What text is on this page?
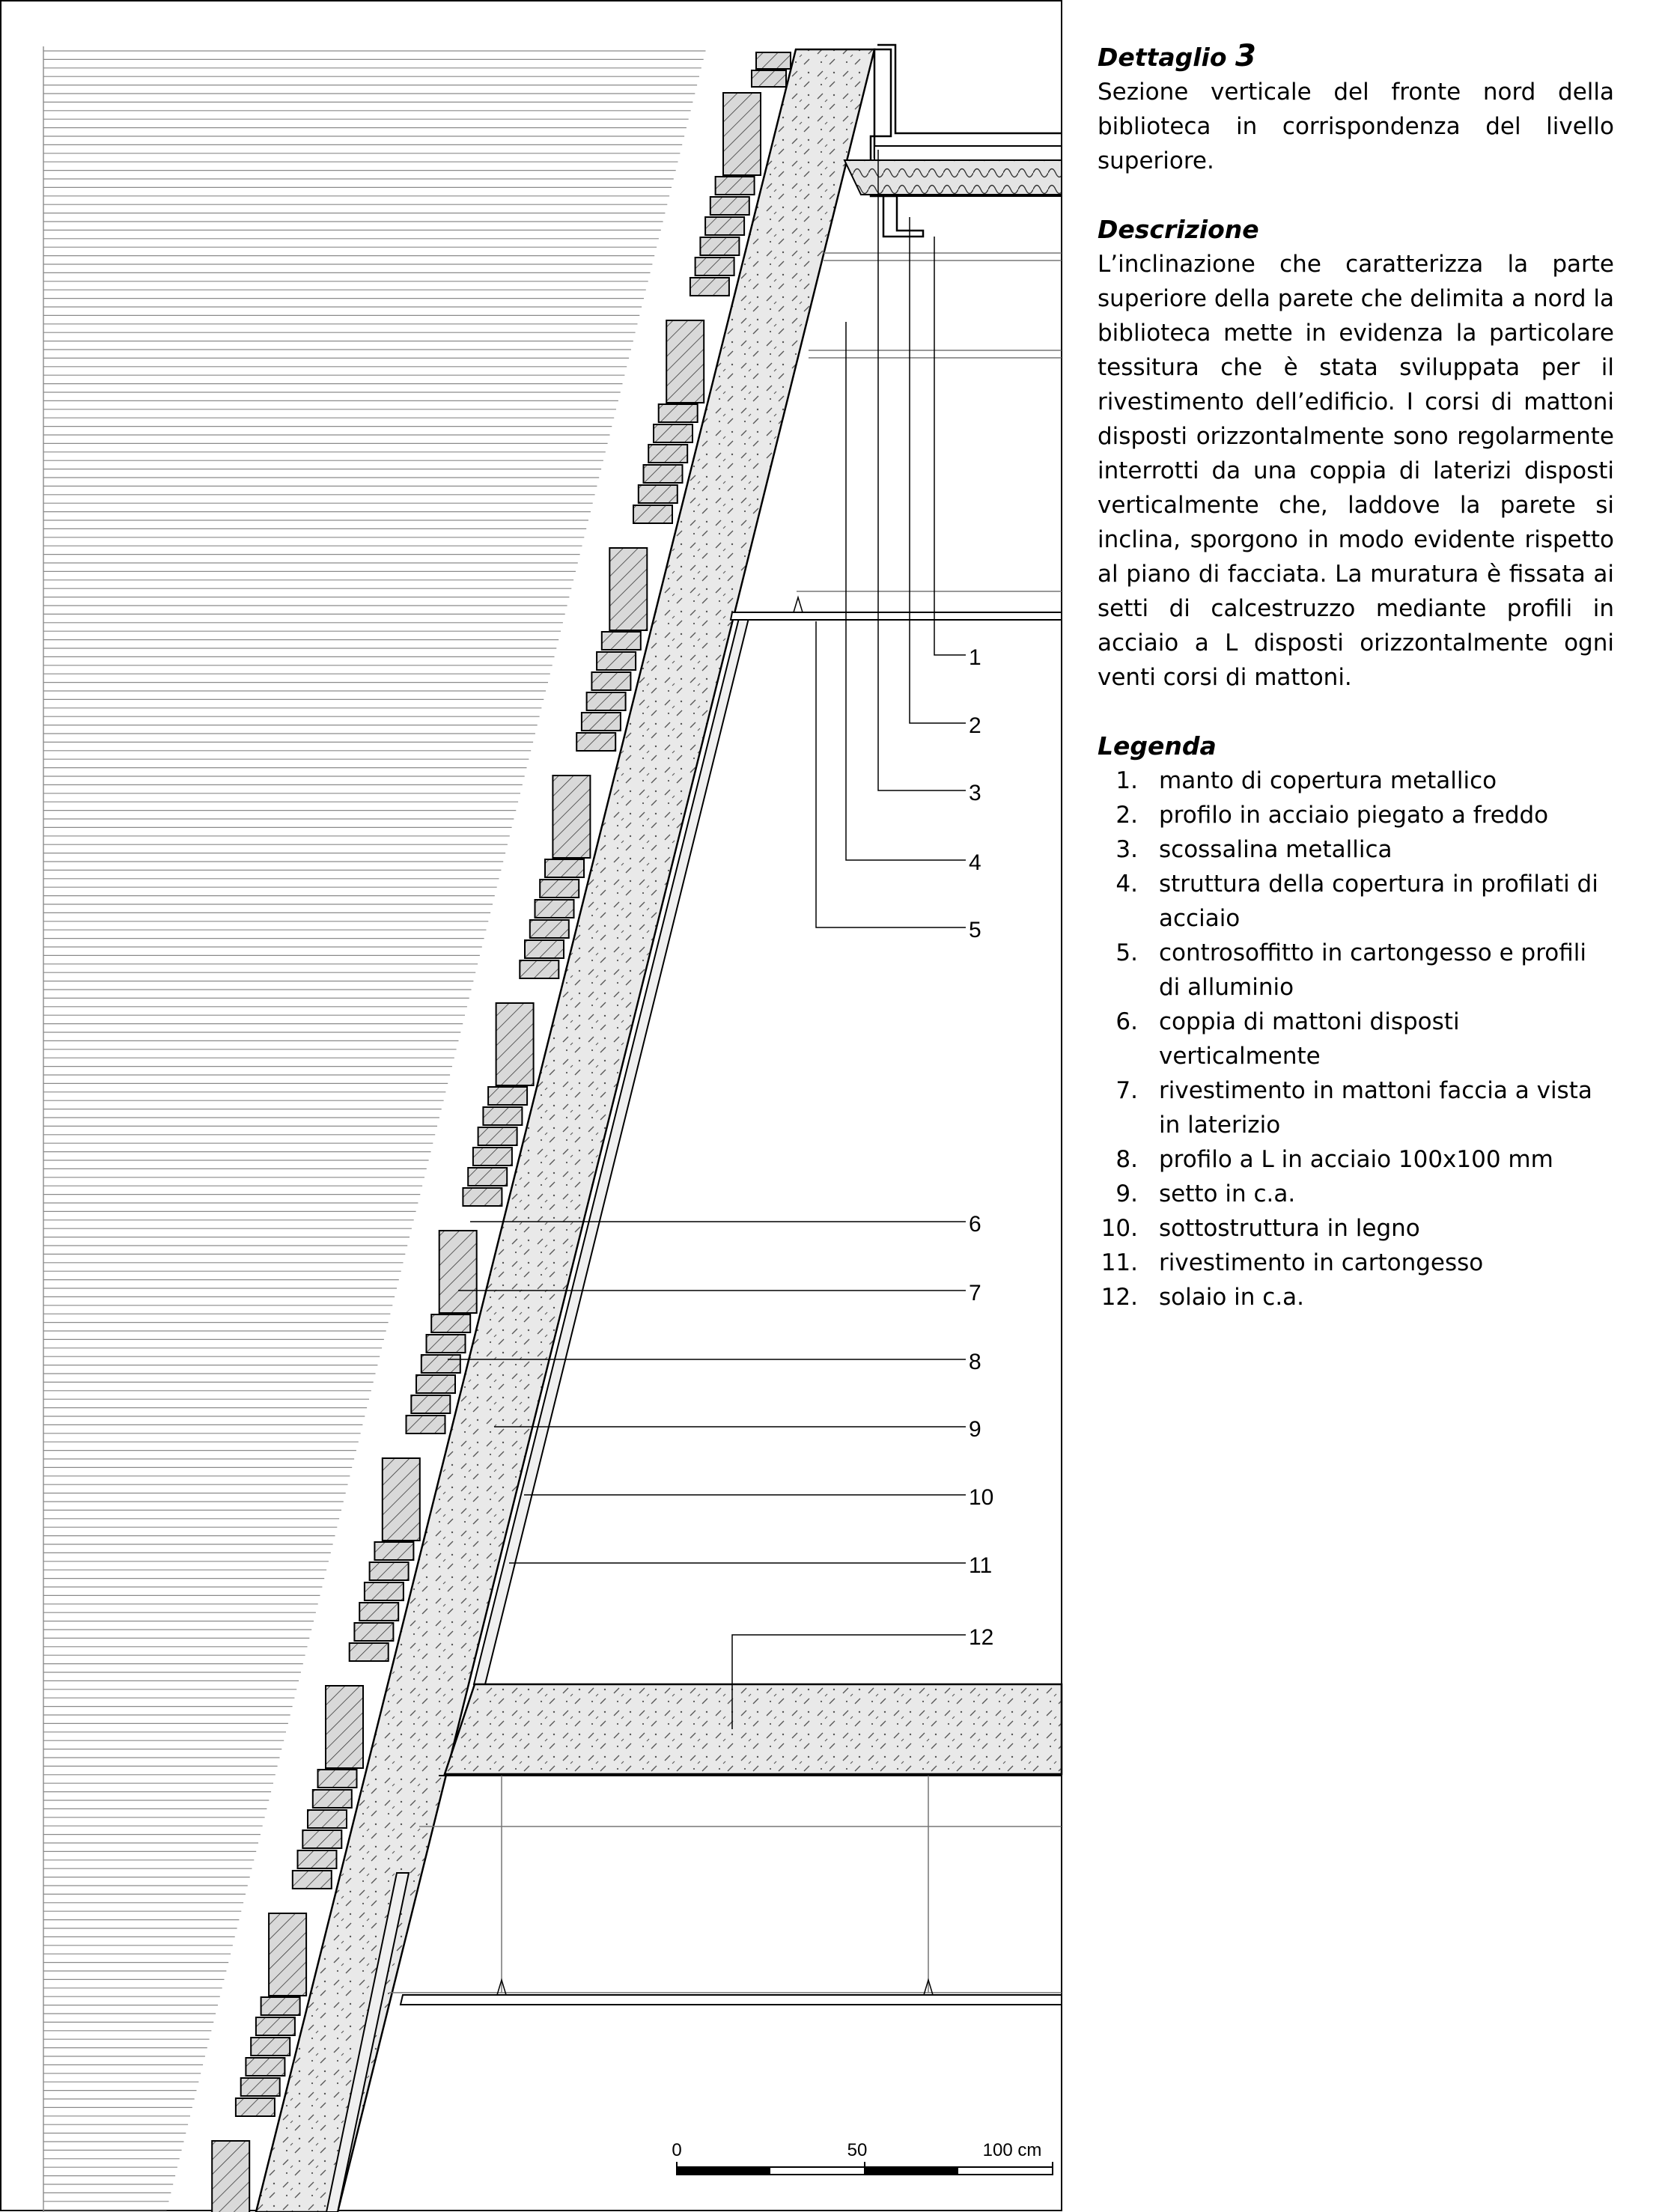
1
2
3
4
5
6
7
8
9
10
11
12
0	50	100 cm
Dettaglio 3

Sezione verticale del fronte nord della biblioteca in corrispondenza del livello superiore.

Descrizione

L’inclinazione che caratterizza la parte superiore della parete che delimita a nord la biblioteca mette in evidenza la particolare tessitura che è stata sviluppata per il rivestimento dell’edificio. I corsi di mattoni disposti orizzontalmente sono regolarmente interrotti da una coppia di laterizi disposti verticalmente che, laddove la parete si inclina, sporgono in modo evidente rispetto al piano di facciata. La muratura è fissata ai setti di calcestruzzo mediante profili in acciaio a L disposti orizzontalmente ogni venti corsi di mattoni.

Legenda
1. manto di copertura metallico
2. profilo in acciaio piegato a freddo
3. scossalina metallica
4. struttura della copertura in profilati di acciaio
5. controsoffitto in cartongesso e profili di alluminio
6. coppia di mattoni disposti verticalmente
7. rivestimento in mattoni faccia a vista in laterizio
8. profilo a L in acciaio 100x100 mm
9. setto in c.a.
10. sottostruttura in legno
11. rivestimento in cartongesso
12. solaio in c.a.
